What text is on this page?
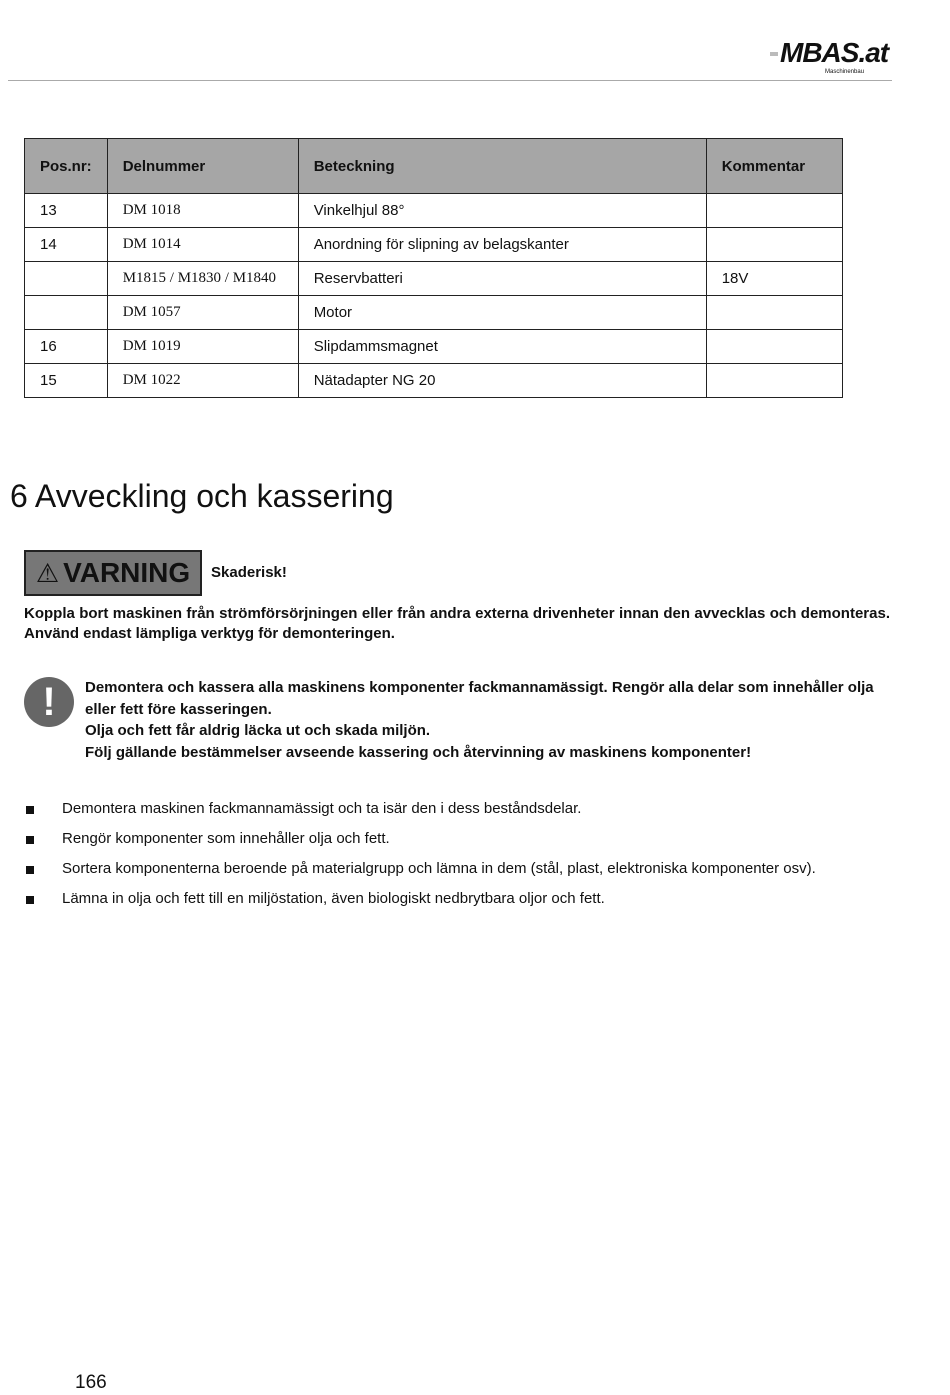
MBAS.at
Maschinenbau
Pos.nr:	Delnummer	Beteckning	Kommentar
13	DM 1018	Vinkelhjul 88°	
14	DM 1014	Anordning för slipning av belagskanter	
	M1815 / M1830 / M1840	Reservbatteri	18V
	DM 1057	Motor	
16	DM 1019	Slipdammsmagnet	
15	DM 1022	Nätadapter NG 20	
6 Avveckling och kassering
⚠ VARNING Skaderisk!
Koppla bort maskinen från strömförsörjningen eller från andra externa drivenheter innan den avvecklas och demonteras. Använd endast lämpliga verktyg för demonteringen.
!	Demontera och kassera alla maskinens komponenter fackmannamässigt. Rengör alla delar som innehåller olja eller fett före kasseringen.
Olja och fett får aldrig läcka ut och skada miljön.
Följ gällande bestämmelser avseende kassering och återvinning av maskinens komponenter!
Demontera maskinen fackmannamässigt och ta isär den i dess beståndsdelar.
Rengör komponenter som innehåller olja och fett.
Sortera komponenterna beroende på materialgrupp och lämna in dem (stål, plast, elektroniska komponenter osv).
Lämna in olja och fett till en miljöstation, även biologiskt nedbrytbara oljor och fett.
166
